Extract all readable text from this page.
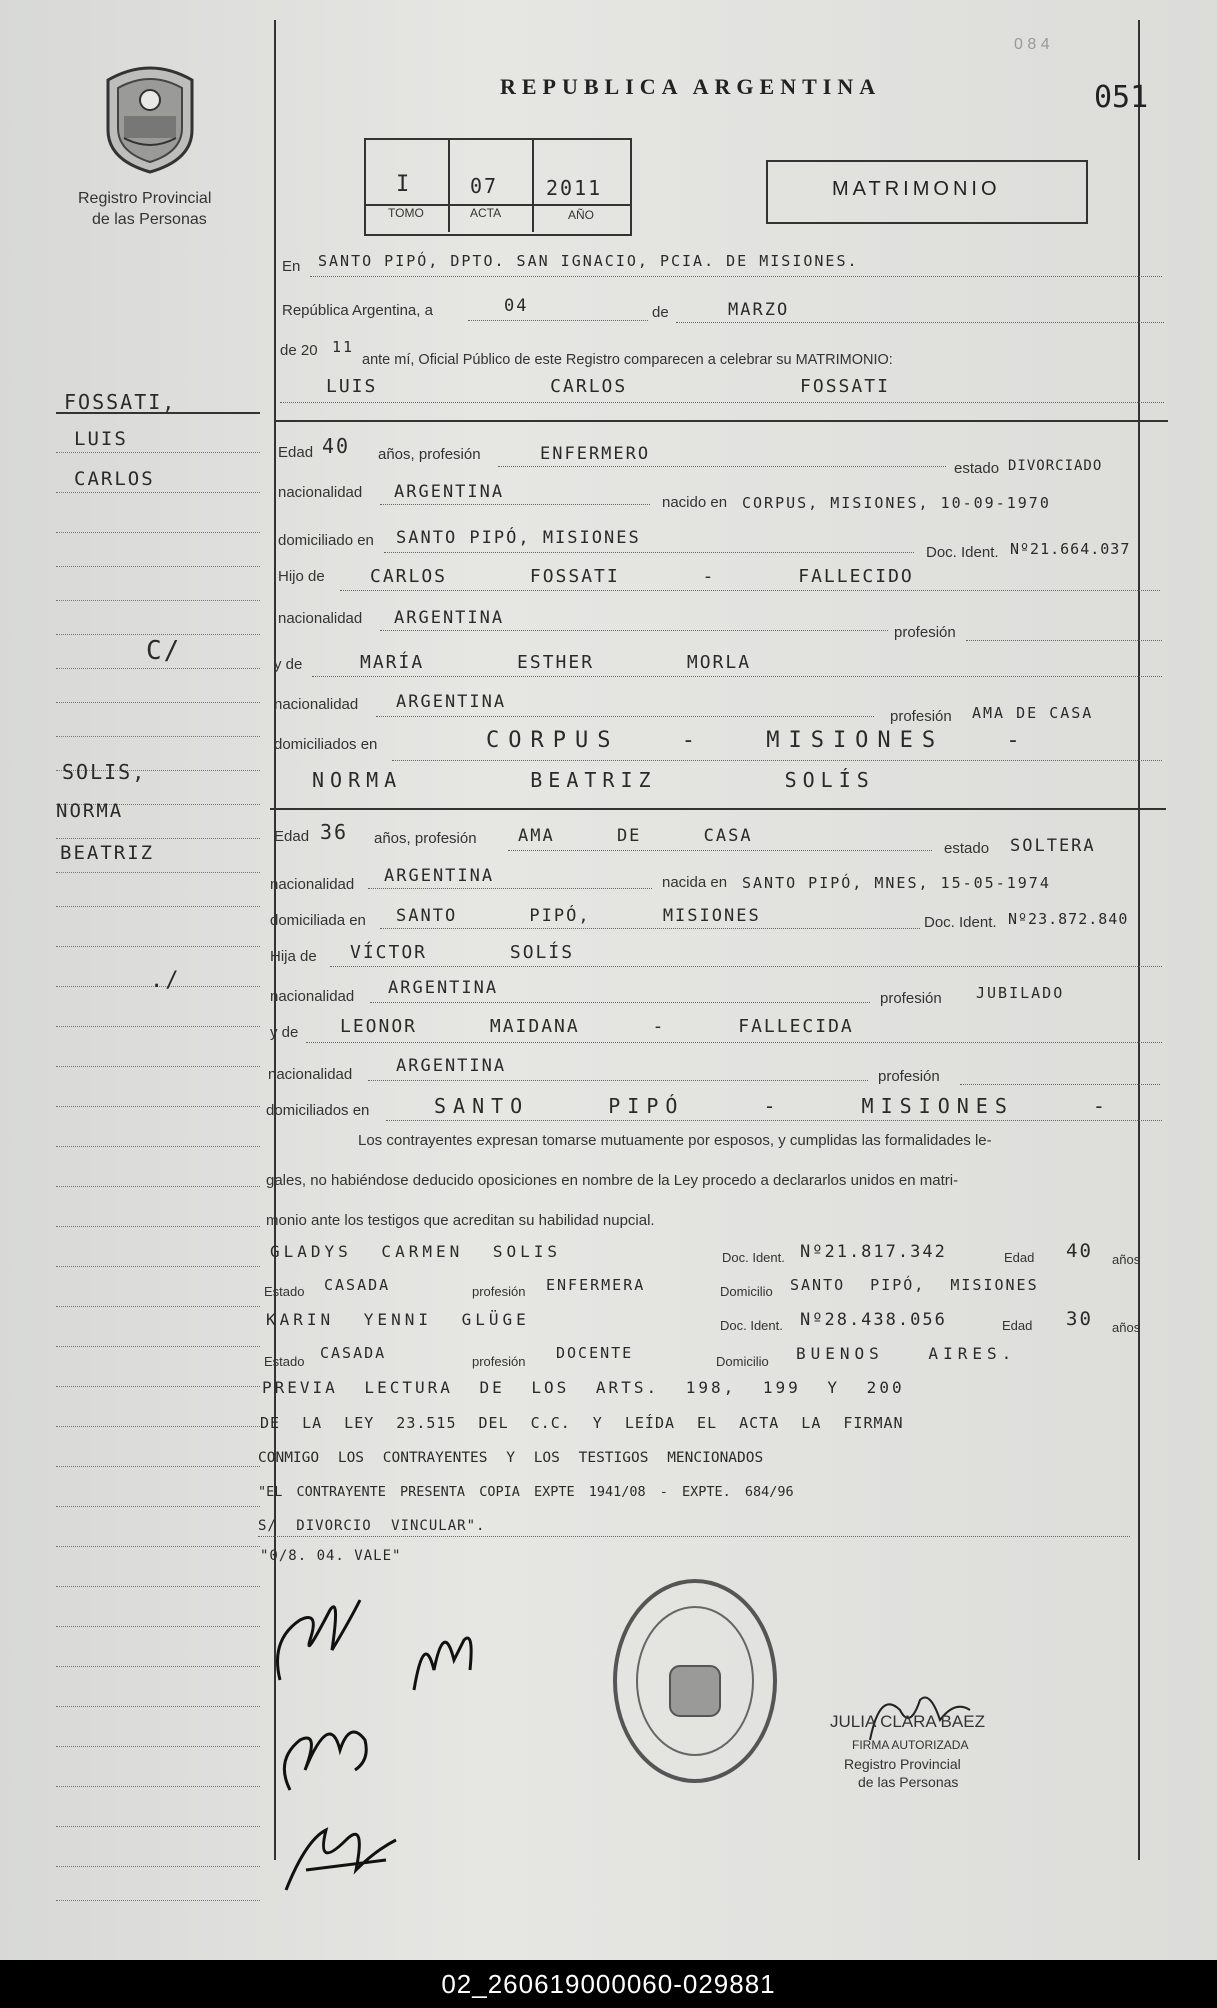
Registro Provincial
de las Personas
REPUBLICA ARGENTINA	051
0 8 4
I	07 2011
TOMO	ACTA	AÑO
MATRIMONIO
FOSSATI,
LUIS
CARLOS
C/
SOLIS,
NORMA
BEATRIZ
./
En SANTO PIPÓ, DPTO. SAN IGNACIO, PCIA. DE MISIONES.
República Argentina, a	04	de	MARZO
de 20 11
ante mí, Oficial Público de este Registro comparecen a celebrar su MATRIMONIO:
LUIS CARLOS FOSSATI
Edad 40 años, profesión	ENFERMERO
estado DIVORCIADO
nacionalidad ARGENTINA
nacido en CORPUS, MISIONES, 10-09-1970
domiciliado en SANTO PIPÓ, MISIONES
Doc. Ident. Nº21.664.037
Hijo de	CARLOS FOSSATI - FALLECIDO
nacionalidad ARGENTINA
profesión
y de	MARÍA ESTHER MORLA
nacionalidad ARGENTINA
profesión AMA DE CASA
domiciliados en	CORPUS - MISIONES -
NORMA BEATRIZ SOLÍS
Edad 36 años, profesión AMA DE CASA
estado SOLTERA
nacionalidad ARGENTINA	nacida en SANTO PIPÓ, MNES, 15-05-1974
domiciliada en SANTO PIPÓ, MISIONES	Doc. Ident. Nº23.872.840
Hija de VÍCTOR SOLÍS
nacionalidad ARGENTINA
profesión JUBILADO
y de LEONOR MAIDANA - FALLECIDA
nacionalidad	ARGENTINA
profesión
domiciliados en	SANTO PIPÓ - MISIONES -
Los contrayentes expresan tomarse mutuamente por esposos, y cumplidas las formalidades le-
gales, no habiéndose deducido oposiciones en nombre de la Ley procedo a declararlos unidos en matri-
monio ante los testigos que acreditan su habilidad nupcial.
GLADYS CARMEN SOLIS	Doc. Ident. Nº21.817.342	Edad 40 años
Estado CASADA	profesión ENFERMERA	Domicilio SANTO PIPÓ, MISIONES
KARIN YENNI GLÜGE	Doc. Ident. Nº28.438.056	Edad 30 años
Estado CASADA	profesión DOCENTE	Domicilio BUENOS AIRES.
PREVIA LECTURA DE LOS ARTS. 198, 199 Y 200
DE LA LEY 23.515 DEL C.C. Y LEÍDA EL ACTA LA FIRMAN
CONMIGO LOS CONTRAYENTES Y LOS TESTIGOS MENCIONADOS
"EL CONTRAYENTE PRESENTA COPIA EXPTE 1941/08 - EXPTE. 684/96
S/ DIVORCIO VINCULAR".
"0/8. 04. VALE"
JULIA CLARA BAEZ
FIRMA AUTORIZADA
Registro Provincial
de las Personas
02_260619000060-029881
